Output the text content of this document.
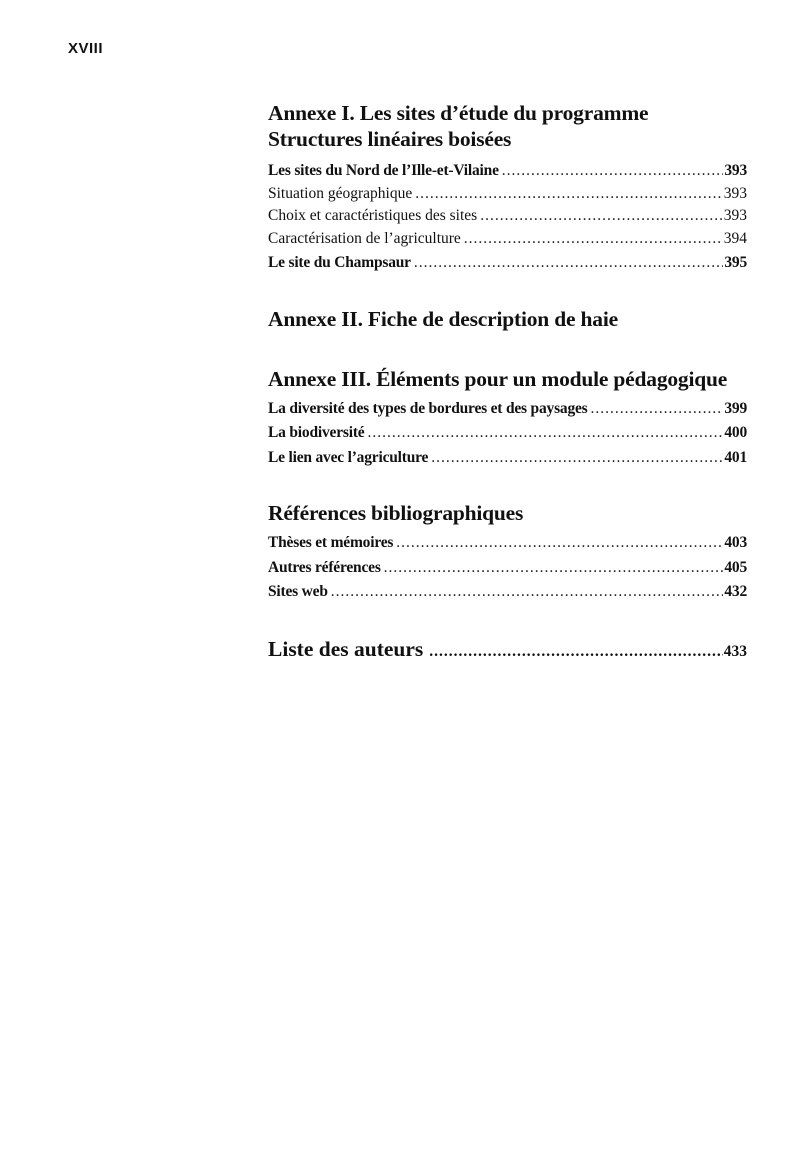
XVIII
Annexe I. Les sites d’étude du programme Structures linéaires boisées
Les sites du Nord de l’Ille-et-Vilaine .....	393
Situation géographique .....	393
Choix et caractéristiques des sites .....	393
Caractérisation de l’agriculture .....	394
Le site du Champsaur .....	395
Annexe II. Fiche de description de haie
Annexe III. Éléments pour un module pédagogique
La diversité des types de bordures et des paysages .....	399
La biodiversité .....	400
Le lien avec l’agriculture .....	401
Références bibliographiques
Thèses et mémoires .....	403
Autres références .....	405
Sites web .....	432
Liste des auteurs .....	433
